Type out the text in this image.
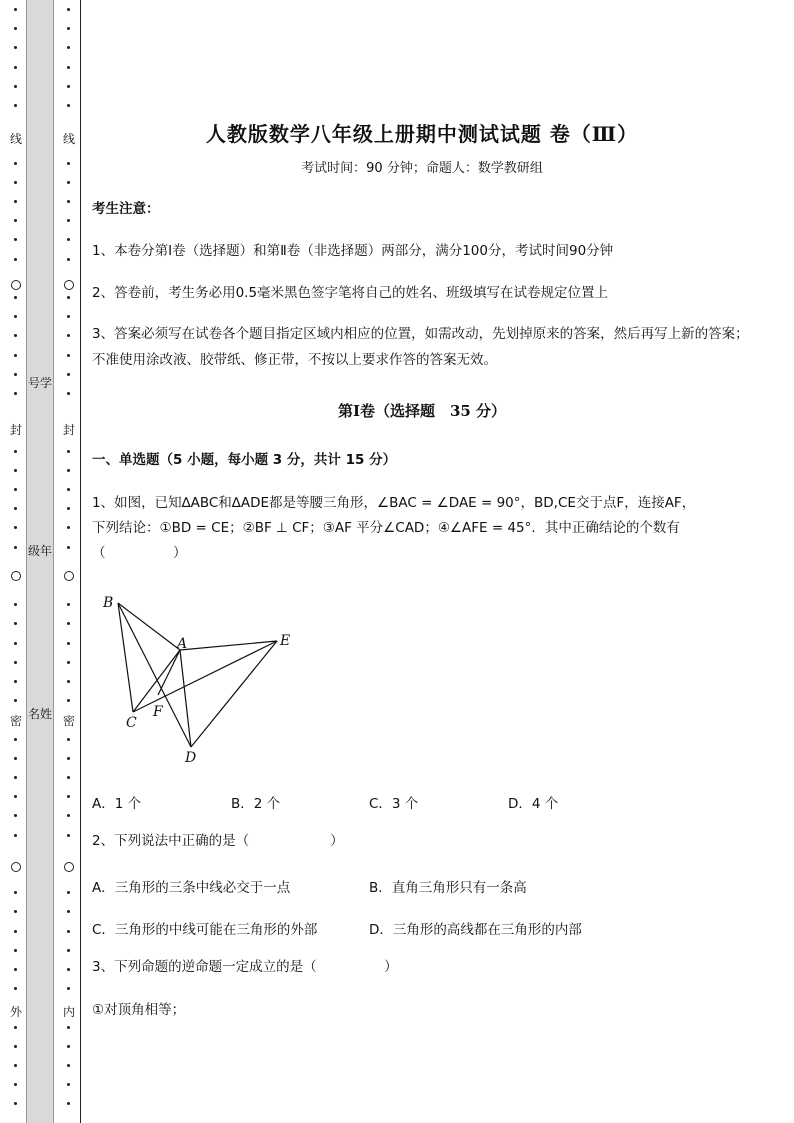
线
封
密
外
号学
级年
名姓
线
封
密
内
人教版数学八年级上册期中测试试题 卷（Ⅲ）
考试时间：90 分钟；命题人：数学教研组
考生注意：
1、本卷分第Ⅰ卷（选择题）和第Ⅱ卷（非选择题）两部分，满分100分，考试时间90分钟
2、答卷前，考生务必用0.5毫米黑色签字笔将自己的姓名、班级填写在试卷规定位置上
3、答案必须写在试卷各个题目指定区域内相应的位置，如需改动，先划掉原来的答案，然后再写上新的答案；不准使用涂改液、胶带纸、修正带，不按以上要求作答的答案无效。
第Ⅰ卷（选择题　35 分）
一、单选题（5 小题，每小题 3 分，共计 15 分）
1、如图，已知∆ABC和∆ADE都是等腰三角形，∠BAC = ∠DAE = 90°，BD,CE交于点F，连接AF，
下列结论：①BD = CE；②BF ⊥ CF；③AF 平分∠CAD；④∠AFE = 45°．其中正确结论的个数有
（　　　　　）
A．1 个	B．2 个	C．3 个	D．4 个
2、下列说法中正确的是（　　　　　　）
A．三角形的三条中线必交于一点	B．直角三角形只有一条高
C．三角形的中线可能在三角形的外部	D．三角形的高线都在三角形的内部
3、下列命题的逆命题一定成立的是（　　　　　）
①对顶角相等；
B
A	E
C
F
D
